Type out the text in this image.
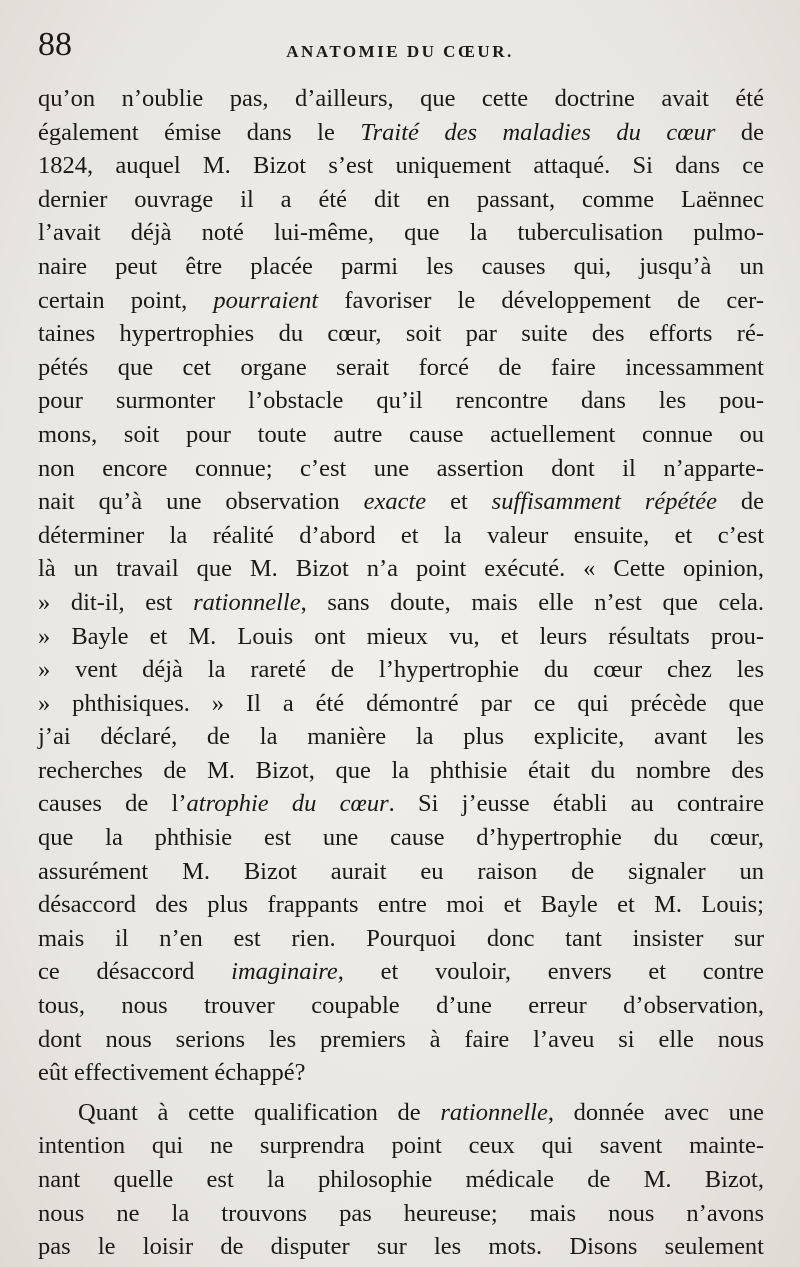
88	ANATOMIE DU CŒUR.
qu’on n’oublie pas, d’ailleurs, que cette doctrine avait été
également émise dans le Traité des maladies du cœur de
1824, auquel M. Bizot s’est uniquement attaqué. Si dans ce
dernier ouvrage il a été dit en passant, comme Laënnec
l’avait déjà noté lui-même, que la tuberculisation pulmo-
naire peut être placée parmi les causes qui, jusqu’à un
certain point, pourraient favoriser le développement de cer-
taines hypertrophies du cœur, soit par suite des efforts ré-
pétés que cet organe serait forcé de faire incessamment
pour surmonter l’obstacle qu’il rencontre dans les pou-
mons, soit pour toute autre cause actuellement connue ou
non encore connue; c’est une assertion dont il n’apparte-
nait qu’à une observation exacte et suffisamment répétée de
déterminer la réalité d’abord et la valeur ensuite, et c’est
là un travail que M. Bizot n’a point exécuté. « Cette opinion,
» dit-il, est rationnelle, sans doute, mais elle n’est que cela.
» Bayle et M. Louis ont mieux vu, et leurs résultats prou-
» vent déjà la rareté de l’hypertrophie du cœur chez les
» phthisiques. » Il a été démontré par ce qui précède que
j’ai déclaré, de la manière la plus explicite, avant les
recherches de M. Bizot, que la phthisie était du nombre des
causes de l’atrophie du cœur. Si j’eusse établi au contraire
que la phthisie est une cause d’hypertrophie du cœur,
assurément M. Bizot aurait eu raison de signaler un
désaccord des plus frappants entre moi et Bayle et M. Louis;
mais il n’en est rien. Pourquoi donc tant insister sur
ce désaccord imaginaire, et vouloir, envers et contre
tous, nous trouver coupable d’une erreur d’observation,
dont nous serions les premiers à faire l’aveu si elle nous
eût effectivement échappé?
Quant à cette qualification de rationnelle, donnée avec une
intention qui ne surprendra point ceux qui savent mainte-
nant quelle est la philosophie médicale de M. Bizot,
nous ne la trouvons pas heureuse; mais nous n’avons
pas le loisir de disputer sur les mots. Disons seulement
